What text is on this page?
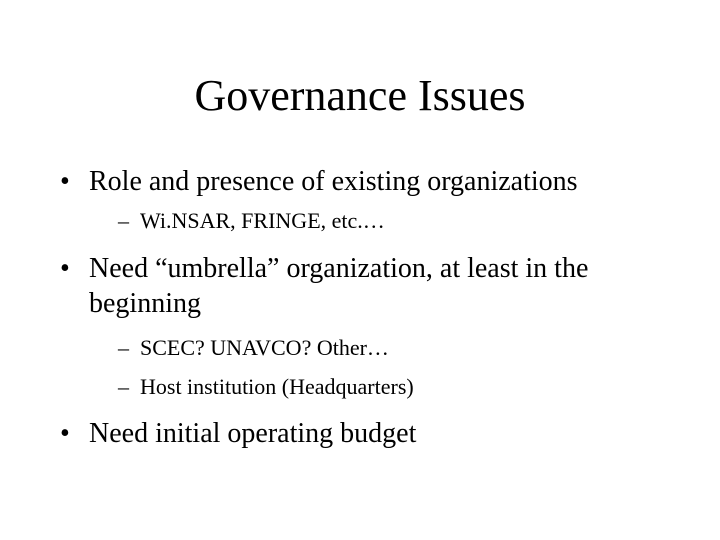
Governance Issues
• Role and presence of existing organizations
– Wi.NSAR, FRINGE, etc.…
• Need “umbrella” organization, at least in the
beginning
– SCEC? UNAVCO? Other…
– Host institution (Headquarters)
• Need initial operating budget
